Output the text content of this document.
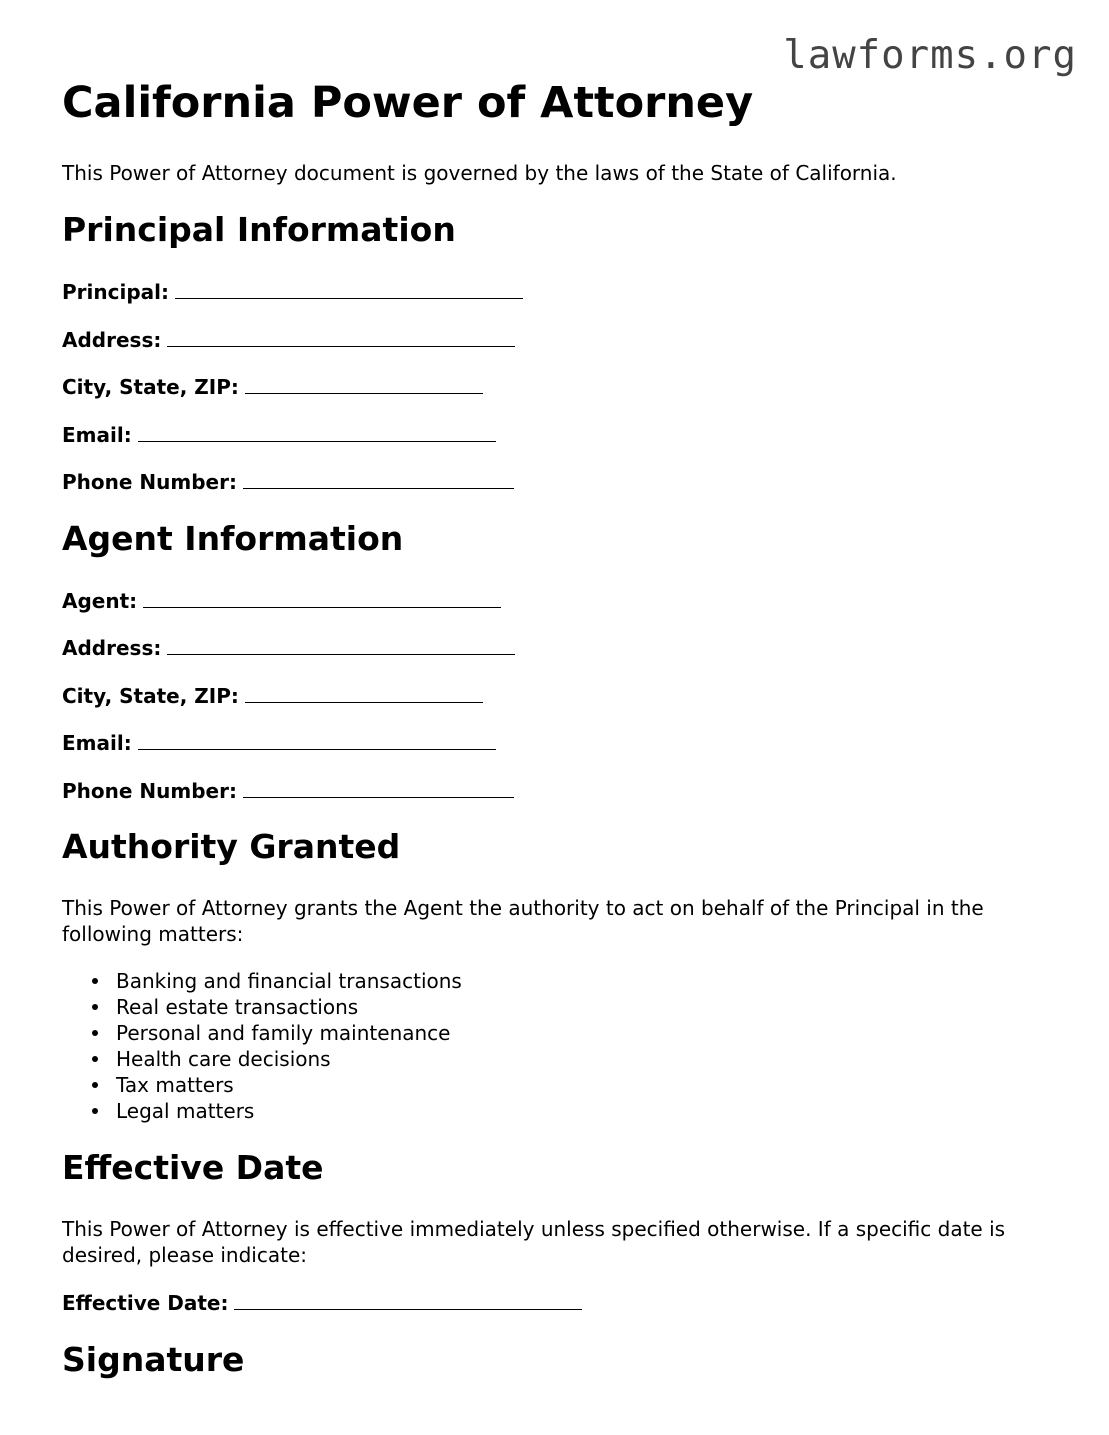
lawforms.org
California Power of Attorney

This Power of Attorney document is governed by the laws of the State of California.

Principal Information
Principal:
Address:
City, State, ZIP:
Email:
Phone Number:
Agent Information
Agent:
Address:
City, State, ZIP:
Email:
Phone Number:
Authority Granted

This Power of Attorney grants the Agent the authority to act on behalf of the Principal in the following matters:

Banking and financial transactions
Real estate transactions
Personal and family maintenance
Health care decisions
Tax matters
Legal matters
Effective Date

This Power of Attorney is effective immediately unless specified otherwise. If a specific date is desired, please indicate:

Effective Date:
Signature
